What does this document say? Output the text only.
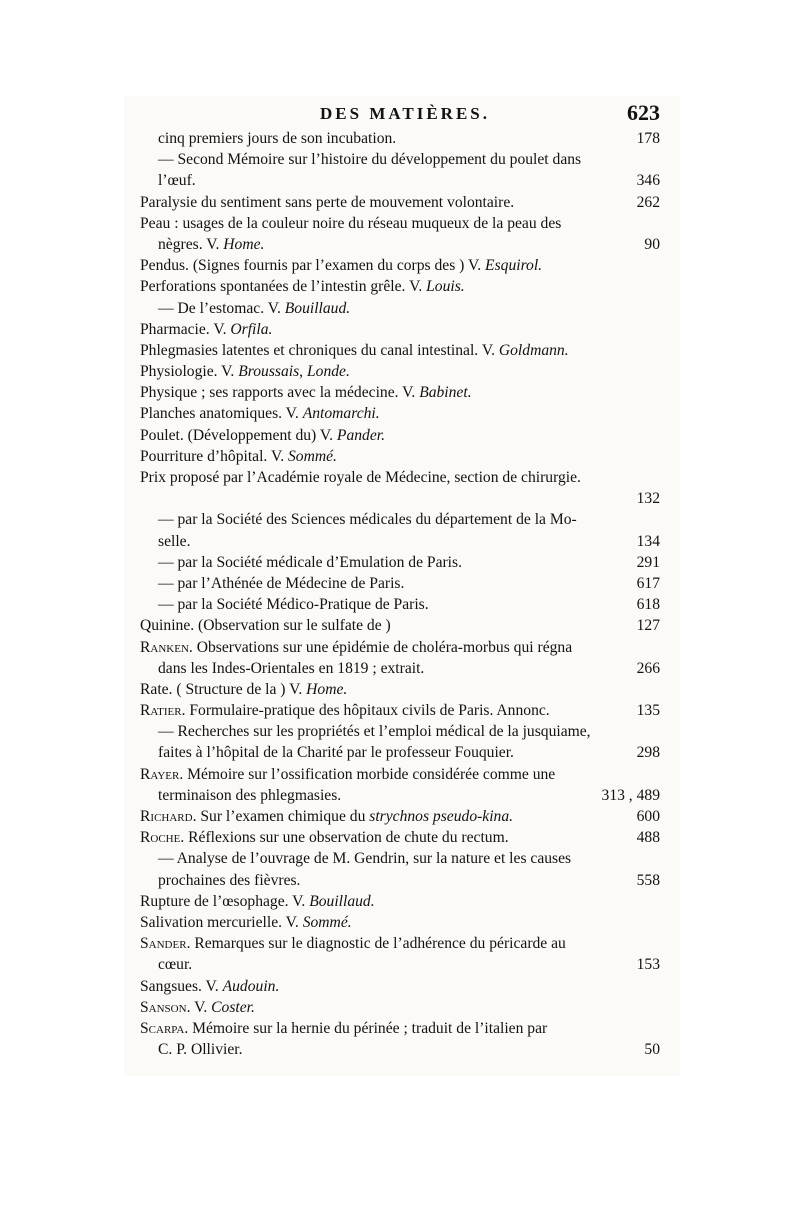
DES MATIÈRES.	623
cinq premiers jours de son incubation.	178
— Second Mémoire sur l’histoire du développement du poulet dans
l’œuf.	346
Paralysie du sentiment sans perte de mouvement volontaire.	262
Peau : usages de la couleur noire du réseau muqueux de la peau des
nègres. V. Home.	90
Pendus. (Signes fournis par l’examen du corps des ) V. Esquirol.
Perforations spontanées de l’intestin grêle. V. Louis.
— De l’estomac. V. Bouillaud.
Pharmacie. V. Orfila.
Phlegmasies latentes et chroniques du canal intestinal. V. Goldmann.
Physiologie. V. Broussais, Londe.
Physique ; ses rapports avec la médecine. V. Babinet.
Planches anatomiques. V. Antomarchi.
Poulet. (Développement du) V. Pander.
Pourriture d’hôpital. V. Sommé.
Prix proposé par l’Académie royale de Médecine, section de chirurgie.
132
— par la Société des Sciences médicales du département de la Mo-
selle.	134
— par la Société médicale d’Emulation de Paris.	291
— par l’Athénée de Médecine de Paris.	617
— par la Société Médico-Pratique de Paris.	618
Quinine. (Observation sur le sulfate de )	127
Ranken. Observations sur une épidémie de choléra-morbus qui régna
dans les Indes-Orientales en 1819 ; extrait.	266
Rate. ( Structure de la ) V. Home.
Ratier. Formulaire-pratique des hôpitaux civils de Paris. Annonc.	135
— Recherches sur les propriétés et l’emploi médical de la jusquiame,
faites à l’hôpital de la Charité par le professeur Fouquier.	298
Rayer. Mémoire sur l’ossification morbide considérée comme une
terminaison des phlegmasies.	313 , 489
Richard. Sur l’examen chimique du strychnos pseudo-kina.	600
Roche. Réflexions sur une observation de chute du rectum.	488
— Analyse de l’ouvrage de M. Gendrin, sur la nature et les causes
prochaines des fièvres.	558
Rupture de l’œsophage. V. Bouillaud.
Salivation mercurielle. V. Sommé.
Sander. Remarques sur le diagnostic de l’adhérence du péricarde au
cœur.	153
Sangsues. V. Audouin.
Sanson. V. Coster.
Scarpa. Mémoire sur la hernie du périnée ; traduit de l’italien par
C. P. Ollivier.	50
